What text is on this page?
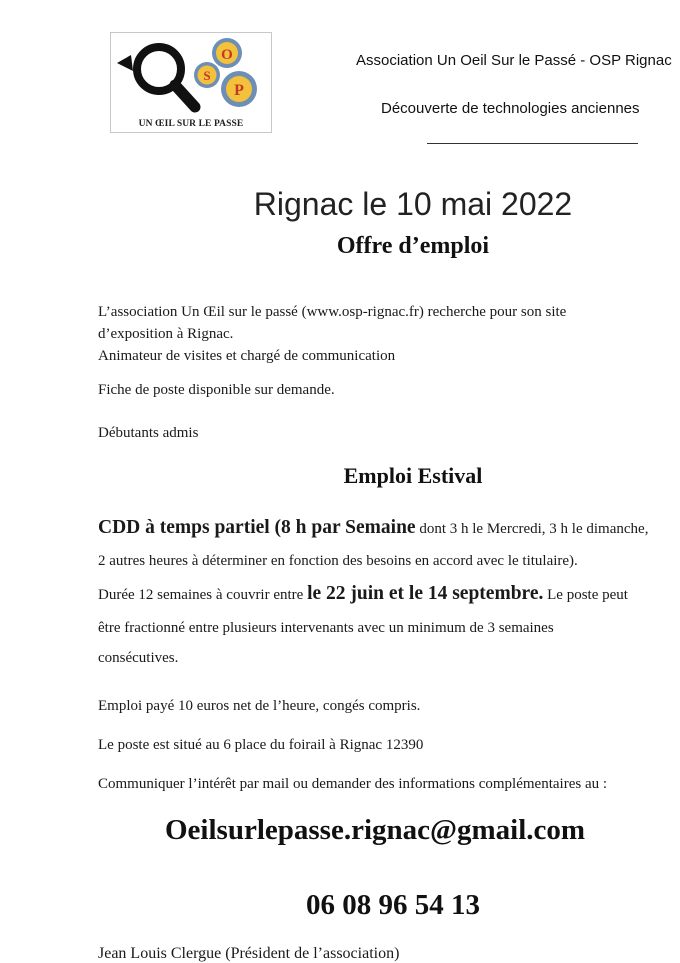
O
S
P
UN ŒIL SUR LE PASSE
Association Un Oeil Sur le Passé - OSP Rignac
Découverte de technologies anciennes
Rignac le 10 mai 2022
Offre d’emploi
L’association Un Œil sur le passé (www.osp-rignac.fr) recherche pour son site
d’exposition à Rignac.
Animateur de visites et chargé de communication
Fiche de poste disponible sur demande.
Débutants admis
Emploi Estival
CDD à temps partiel (8 h par Semaine dont 3 h le Mercredi, 3 h le dimanche,
2 autres heures à déterminer en fonction des besoins en accord avec le titulaire).
Durée 12 semaines à couvrir entre le 22 juin et le 14 septembre. Le poste peut
être fractionné entre plusieurs intervenants avec un minimum de 3 semaines
consécutives.
Emploi payé 10 euros net de l’heure, congés compris.
Le poste est situé au 6 place du foirail à Rignac 12390
Communiquer l’intérêt par mail ou demander des informations complémentaires au :
Oeilsurlepasse.rignac@gmail.com
06 08 96 54 13
Jean Louis Clergue (Président de l’association)
